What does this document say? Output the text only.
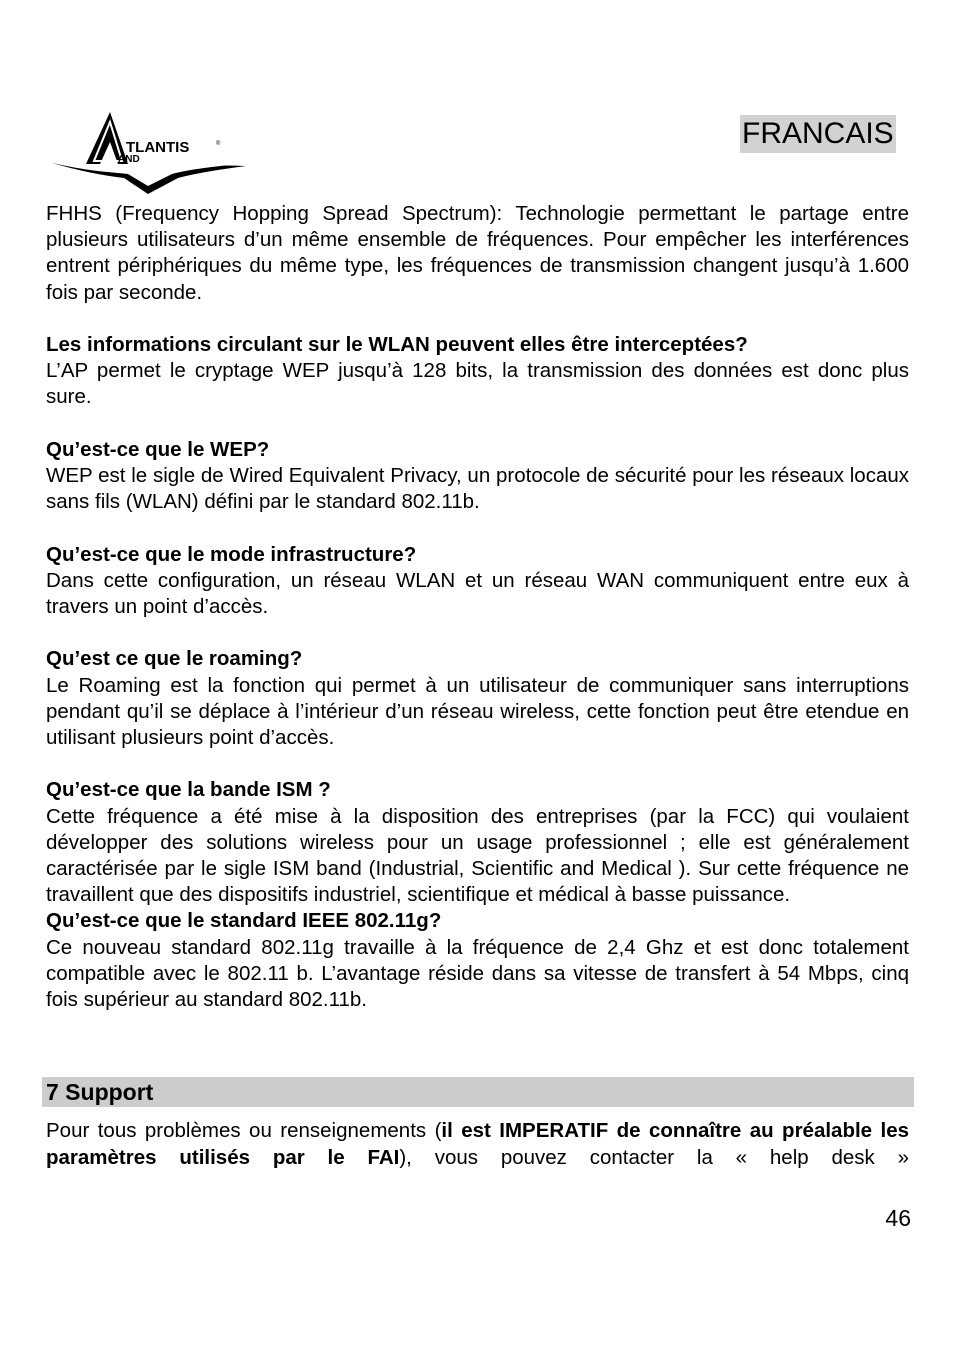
TLANTIS	®
AND
FRANCAIS

FHHS (Frequency Hopping Spread Spectrum): Technologie permettant le partage entre plusieurs utilisateurs d’un même ensemble de fréquences. Pour empêcher les interférences entrent périphériques du même type, les fréquences de transmission changent jusqu’à 1.600 fois par seconde.

Les informations circulant sur le WLAN peuvent elles être interceptées?

L’AP permet le cryptage WEP jusqu’à 128 bits, la transmission des données est donc plus sure.

Qu’est-ce que le WEP?

WEP est le sigle de Wired Equivalent Privacy, un protocole de sécurité pour les réseaux locaux sans fils (WLAN) défini par le standard 802.11b.

Qu’est-ce que le mode infrastructure?

Dans cette configuration, un réseau WLAN et un réseau WAN communiquent entre eux à travers un point d’accès.

Qu’est ce que le roaming?

Le Roaming est la fonction qui permet à un utilisateur de communiquer sans interruptions pendant qu’il se déplace à l’intérieur d’un réseau wireless, cette fonction peut être etendue en utilisant plusieurs point d’accès.

Qu’est-ce que la bande ISM ?

Cette fréquence a été mise à la disposition des entreprises (par la FCC) qui voulaient développer des solutions wireless pour un usage professionnel ; elle est généralement caractérisée par le sigle ISM band (Industrial, Scientific and Medical ). Sur cette fréquence ne travaillent que des dispositifs industriel, scientifique et médical à basse puissance.

Qu’est-ce que le standard IEEE 802.11g?

Ce nouveau standard 802.11g travaille à la fréquence de 2,4 Ghz et est donc totalement compatible avec le 802.11 b. L’avantage réside dans sa vitesse de transfert à 54 Mbps, cinq fois supérieur au standard 802.11b.

7 Support

Pour tous problèmes ou renseignements (il est IMPERATIF de connaître au préalable les paramètres utilisés par le FAI), vous pouvez contacter la « help desk »

46
